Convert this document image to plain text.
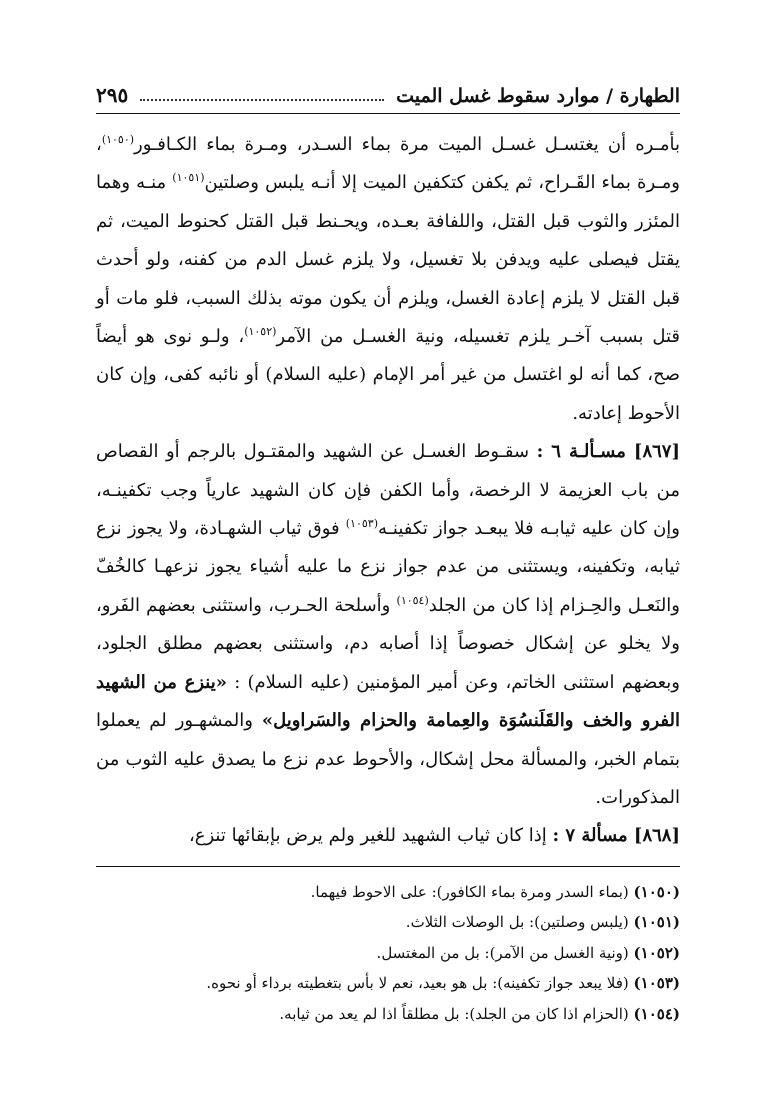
الطهارة / موارد سقوط غسل الميت
٢٩٥

بأمـره أن يغتسـل غسـل الميت مرة بماء السـدر، ومـرة بماء الكـافـور$^{(١٠٥٠)}$، ومـرة بماء القَـراح، ثم يكفن كتكفين الميت إلا أنـه يلبس وصلتين$^{(١٠٥١)}$ منـه وهما المئزر والثوب قبل القتل، واللفافة بعـده، ويحـنط قبل القتل كحنوط الميت، ثم يقتل فيصلى عليه ويدفن بلا تغسيل، ولا يلزم غسل الدم من كفنه، ولو أحدث قبل القتل لا يلزم إعادة الغسل، ويلزم أن يكون موته بذلك السبب، فلو مات أو قتل بسبب آخـر يلزم تغسيله، ونية الغسـل من الآمر$^{(١٠٥٢)}$، ولـو نوى هو أيضاً صح، كما أنه لو اغتسل من غير أمر الإمام (عليه السلام) أو نائبه كفى، وإن كان الأحوط إعادته.

[٨٦٧] مسـألـة ٦ : سقـوط الغسـل عن الشهيد والمقتـول بالرجم أو القصاص من باب العزيمة لا الرخصة، وأما الكفن فإن كان الشهيد عارياً وجب تكفينـه، وإن كان عليه ثيابـه فلا يبعـد جواز تكفينـه$^{(١٠٥٣)}$ فوق ثياب الشهـادة، ولا يجوز نزع ثيابه، وتكفينه، ويستثنى من عدم جواز نزع ما عليه أشياء يجوز نزعهـا كالخُفّ والنَعـل والحِـزام إذا كان من الجلد$^{(١٠٥٤)}$ وأسلحة الحـرب، واستثنى بعضهم الفَرو، ولا يخلو عن إشكال خصوصاً إذا أصابه دم، واستثنى بعضهم مطلق الجلود، وبعضهم استثنى الخاتم، وعن أمير المؤمنين (عليه السلام) : «ينزع من الشهيد الفرو والخف والقَلَنسُوَة والعِمامة والحزام والسَراويل» والمشهـور لم يعملوا بتمام الخبر، والمسألة محل إشكال، والأحوط عدم نزع ما يصدق عليه الثوب من المذكورات.

[٨٦٨] مسألة ٧ : إذا كان ثياب الشهيد للغير ولم يرض بإبقائها تنزع،

(١٠٥٠) (بماء السدر ومرة بماء الكافور): على الاحوط فيهما.
(١٠٥١) (يلبس وصلتين): بل الوصلات الثلاث.
(١٠٥٢) (ونية الغسل من الآمر): بل من المغتسل.
(١٠٥٣) (فلا يبعد جواز تكفينه): بل هو بعيد، نعم لا بأس بتغطيته برداء أو نحوه.
(١٠٥٤) (الحزام اذا كان من الجلد): بل مطلقاً اذا لم يعد من ثيابه.
